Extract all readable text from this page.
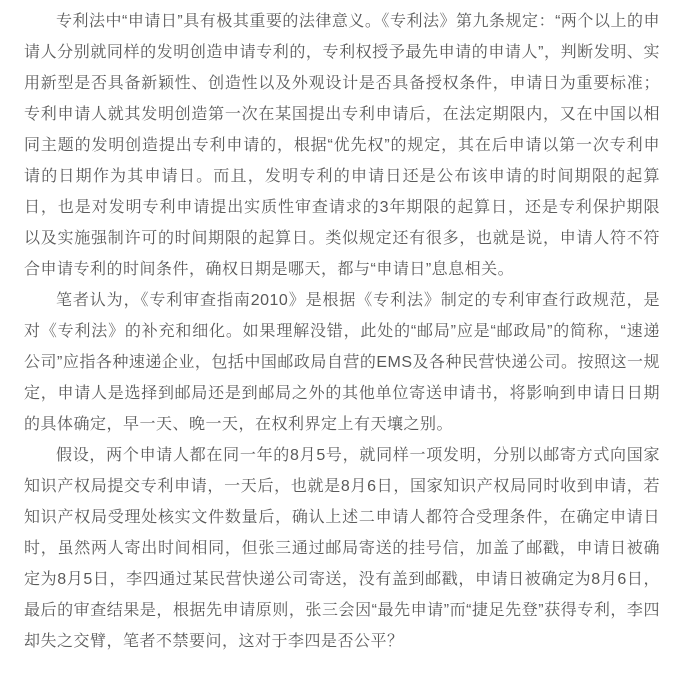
专利法中“申请日”具有极其重要的法律意义。《专利法》第九条规定：“两个以上的申请人分别就同样的发明创造申请专利的，专利权授予最先申请的申请人”，判断发明、实用新型是否具备新颖性、创造性以及外观设计是否具备授权条件，申请日为重要标准；专利申请人就其发明创造第一次在某国提出专利申请后，在法定期限内，又在中国以相同主题的发明创造提出专利申请的，根据“优先权”的规定，其在后申请以第一次专利申请的日期作为其申请日。而且，发明专利的申请日还是公布该申请的时间期限的起算日，也是对发明专利申请提出实质性审查请求的3年期限的起算日，还是专利保护期限以及实施强制许可的时间期限的起算日。类似规定还有很多，也就是说，申请人符不符合申请专利的时间条件，确权日期是哪天，都与“申请日”息息相关。

笔者认为，《专利审查指南2010》是根据《专利法》制定的专利审查行政规范，是对《专利法》的补充和细化。如果理解没错，此处的“邮局”应是“邮政局”的简称，“速递公司”应指各种速递企业，包括中国邮政局自营的EMS及各种民营快递公司。按照这一规定，申请人是选择到邮局还是到邮局之外的其他单位寄送申请书，将影响到申请日日期的具体确定，早一天、晚一天，在权利界定上有天壤之别。

假设，两个申请人都在同一年的8月5号，就同样一项发明，分别以邮寄方式向国家知识产权局提交专利申请，一天后，也就是8月6日，国家知识产权局同时收到申请，若知识产权局受理处核实文件数量后，确认上述二申请人都符合受理条件，在确定申请日时，虽然两人寄出时间相同，但张三通过邮局寄送的挂号信，加盖了邮戳，申请日被确定为8月5日，李四通过某民营快递公司寄送，没有盖到邮戳，申请日被确定为8月6日，最后的审查结果是，根据先申请原则，张三会因“最先申请”而“捷足先登”获得专利，李四却失之交臂，笔者不禁要问，这对于李四是否公平？
